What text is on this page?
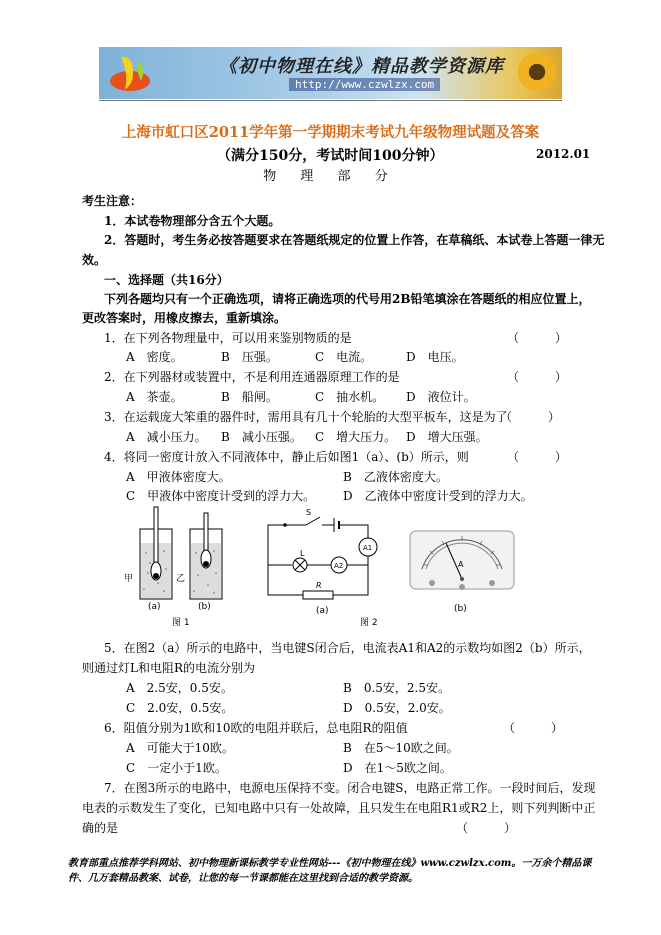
《初中物理在线》精品教学资源库
http://www.czwlzx.com
上海市虹口区2011学年第一学期期末考试九年级物理试题及答案
（满分150分，考试时间100分钟）	2012.01
物 理 部 分
考生注意：
1．本试卷物理部分含五个大题。
2．答题时，考生务必按答题要求在答题纸规定的位置上作答，在草稿纸、本试卷上答题一律无
效。
一、选择题（共16分）
下列各题均只有一个正确选项，请将正确选项的代号用2B铅笔填涂在答题纸的相应位置上，
更改答案时，用橡皮擦去，重新填涂。
1．在下列各物理量中，可以用来鉴别物质的是	（　　　）
A　密度。	B　压强。	C　电流。	D　电压。
2．在下列器材或装置中，不是利用连通器原理工作的是	（　　　）
A　茶壶。	B　船闸。	C　抽水机。 D　液位计。
3．在运载庞大笨重的器件时，需用具有几十个轮胎的大型平板车，这是为了
（　　　）
A　减小压力。 B　减小压强。 C　增大压力。 D　增大压强。
4．将同一密度计放入不同液体中，静止后如图1（a）、(b）所示，则	（　　　）
A　甲液体密度大。	B　乙液体密度大。
C　甲液体中密度计受到的浮力大。 D　乙液体中密度计受到的浮力大。
甲	乙
(a)	(b)
图 1
S
L
R
A1
A2
(a)
图 2
A
(b)
5．在图2（a）所示的电路中，当电键S闭合后，电流表A1和A2的示数均如图2（b）所示，
则通过灯L和电阻R的电流分别为
A　2.5安，0.5安。	B　0.5安，2.5安。
C　2.0安，0.5安。	D　0.5安，2.0安。
6．阻值分别为1欧和10欧的电阻并联后，总电阻R的阻值	（　　　）
A　可能大于10欧。	B　在5～10欧之间。
C　一定小于1欧。	D　在1～5欧之间。
7．在图3所示的电路中，电源电压保持不变。闭合电键S，电路正常工作。一段时间后，发现
电表的示数发生了变化，已知电路中只有一处故障，且只发生在电阻R1或R2上，则下列判断中正
确的是	（　　　）
教育部重点推荐学科网站、初中物理新课标教学专业性网站---《初中物理在线》www.czwlzx.com。一万余个精品课
件、几万套精品教案、试卷，让您的每一节课都能在这里找到合适的教学资源。
